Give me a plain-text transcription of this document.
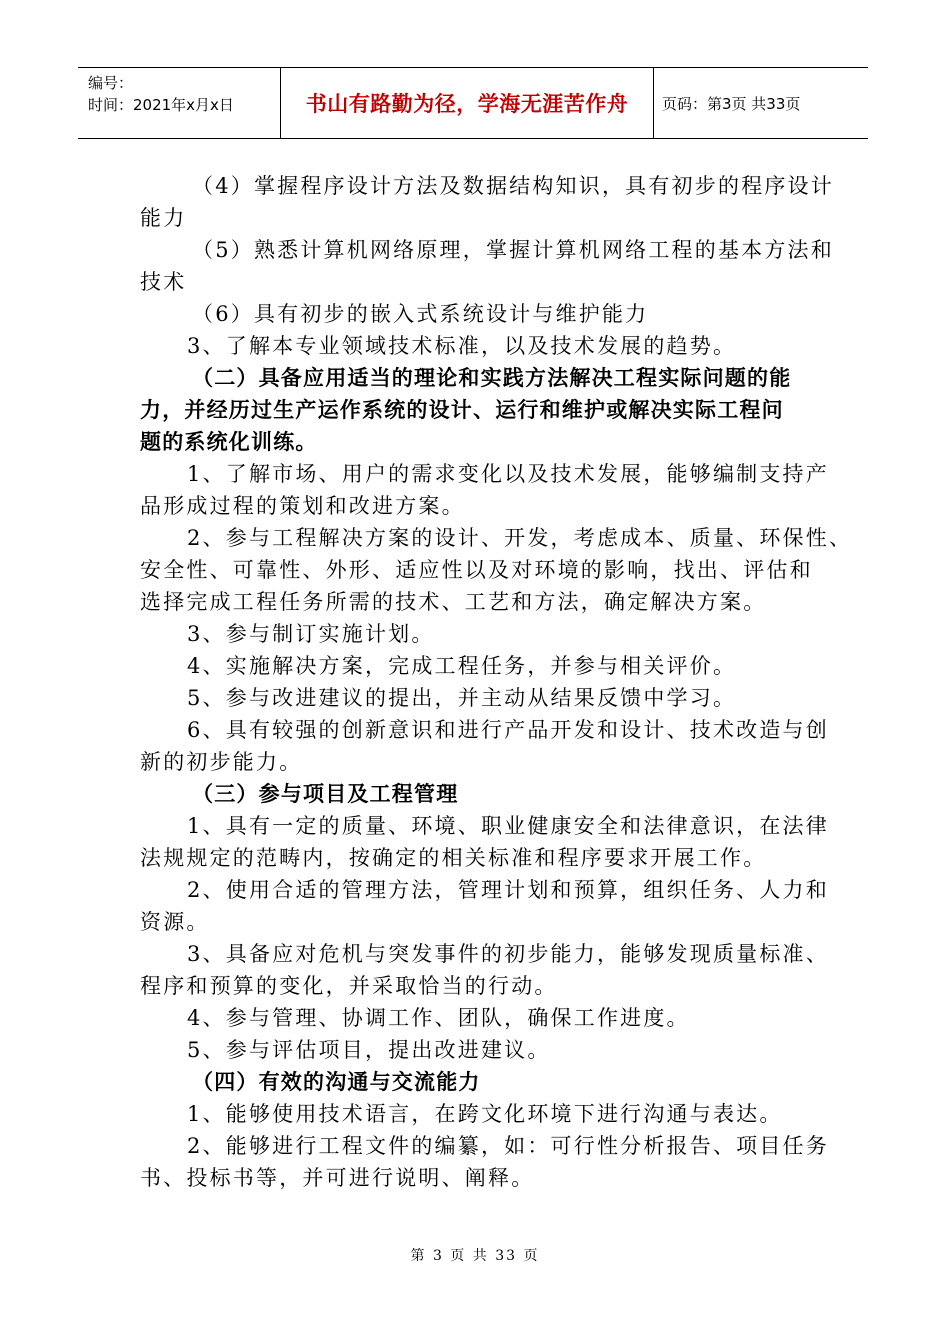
编号：
时间：2021年x月x日	书山有路勤为径，学海无涯苦作舟	页码：第3页 共33页
（4）掌握程序设计方法及数据结构知识，具有初步的程序设计
能力
（5）熟悉计算机网络原理，掌握计算机网络工程的基本方法和
技术
（6）具有初步的嵌入式系统设计与维护能力
3、了解本专业领域技术标准，以及技术发展的趋势。
（二）具备应用适当的理论和实践方法解决工程实际问题的能
力，并经历过生产运作系统的设计、运行和维护或解决实际工程问
题的系统化训练。
1、了解市场、用户的需求变化以及技术发展，能够编制支持产
品形成过程的策划和改进方案。
2、参与工程解决方案的设计、开发，考虑成本、质量、环保性、
安全性、可靠性、外形、适应性以及对环境的影响，找出、评估和
选择完成工程任务所需的技术、工艺和方法，确定解决方案。
3、参与制订实施计划。
4、实施解决方案，完成工程任务，并参与相关评价。
5、参与改进建议的提出，并主动从结果反馈中学习。
6、具有较强的创新意识和进行产品开发和设计、技术改造与创
新的初步能力。
（三）参与项目及工程管理
1、具有一定的质量、环境、职业健康安全和法律意识，在法律
法规规定的范畴内，按确定的相关标准和程序要求开展工作。
2、使用合适的管理方法，管理计划和预算，组织任务、人力和
资源。
3、具备应对危机与突发事件的初步能力，能够发现质量标准、
程序和预算的变化，并采取恰当的行动。
4、参与管理、协调工作、团队，确保工作进度。
5、参与评估项目，提出改进建议。
（四）有效的沟通与交流能力
1、能够使用技术语言，在跨文化环境下进行沟通与表达。
2、能够进行工程文件的编纂，如：可行性分析报告、项目任务
书、投标书等，并可进行说明、阐释。
第 3 页 共 33 页
